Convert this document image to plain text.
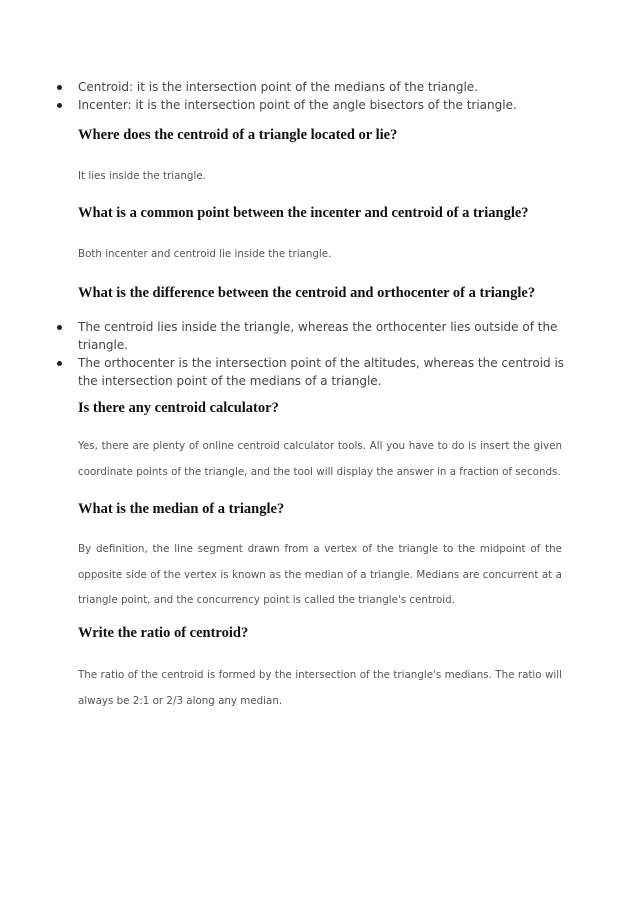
Centroid: it is the intersection point of the medians of the triangle.
Incenter: it is the intersection point of the angle bisectors of the triangle.
Where does the centroid of a triangle located or lie?
It lies inside the triangle.
What is a common point between the incenter and centroid of a triangle?
Both incenter and centroid lie inside the triangle.
What is the difference between the centroid and orthocenter of a triangle?
The centroid lies inside the triangle, whereas the orthocenter lies outside of the triangle.
The orthocenter is the intersection point of the altitudes, whereas the centroid is the intersection point of the medians of a triangle.
Is there any centroid calculator?
Yes, there are plenty of online centroid calculator tools. All you have to do is insert the given coordinate points of the triangle, and the tool will display the answer in a fraction of seconds.
What is the median of a triangle?
By definition, the line segment drawn from a vertex of the triangle to the midpoint of the opposite side of the vertex is known as the median of a triangle. Medians are concurrent at a triangle point, and the concurrency point is called the triangle's centroid.
Write the ratio of centroid?
The ratio of the centroid is formed by the intersection of the triangle's medians. The ratio will always be 2:1 or 2/3 along any median.
